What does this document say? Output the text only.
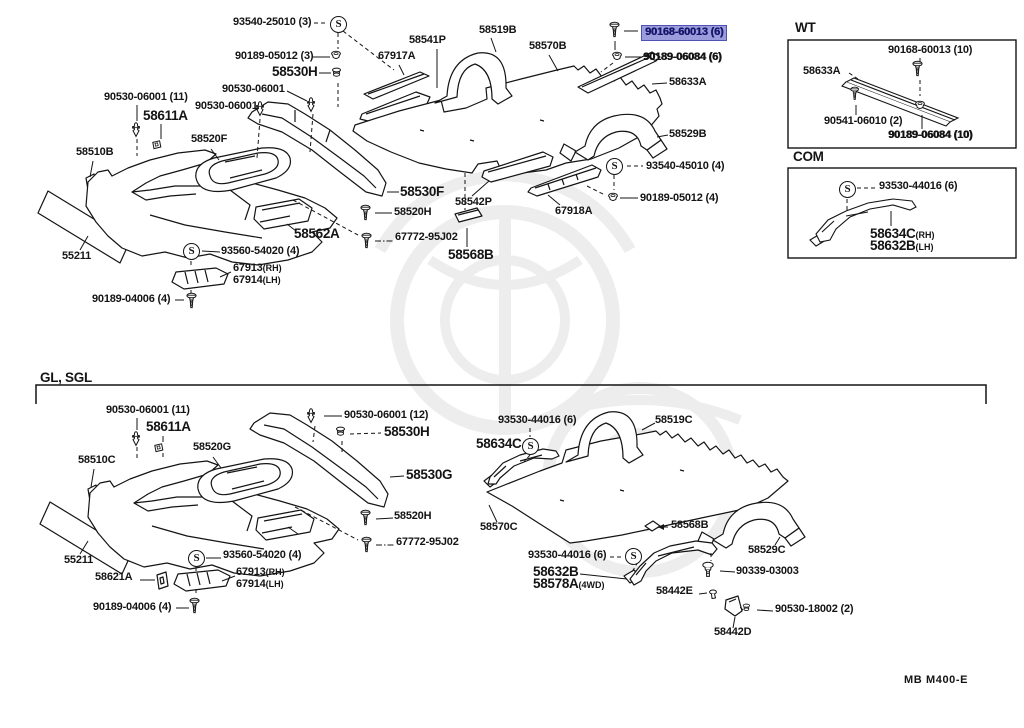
93540-25010 (3)
90189-05012 (3)
58530H
90530-06001
90530-06001
90530-06001 (11)
58611A
58510B
58520F
55211
58562A
93560-54020 (4)
67913(RH)
67914(LH)
90189-04006 (4)
58530F
58520H
67772-95J02
58568B
58542P
67918A
93540-45010 (4)
90189-05012 (4)
58529B
58633A
90168-60013 (6)
90189-06084 (6)
58519B
58570B
58541P
67917A
WT
90168-60013 (10)
58633A
90541-06010 (2)
90189-06084 (10)
COM
93530-44016 (6)
58634C(RH)
58632B(LH)
GL, SGL
90530-06001 (11)
58611A
58510C
58520G
90530-06001 (12)
58530H
58530G
58520H
67772-95J02
55211
58621A
93560-54020 (4)
67913(RH)
67914(LH)
90189-04006 (4)
93530-44016 (6)
58634C
58519C
58570C	58568B
58529C
93530-44016 (6)
58632B
58578A(4WD)
90339-03003
58442E
90530-18002 (2)
58442D
MB M400-E
S
S
S
S
S
S
S
